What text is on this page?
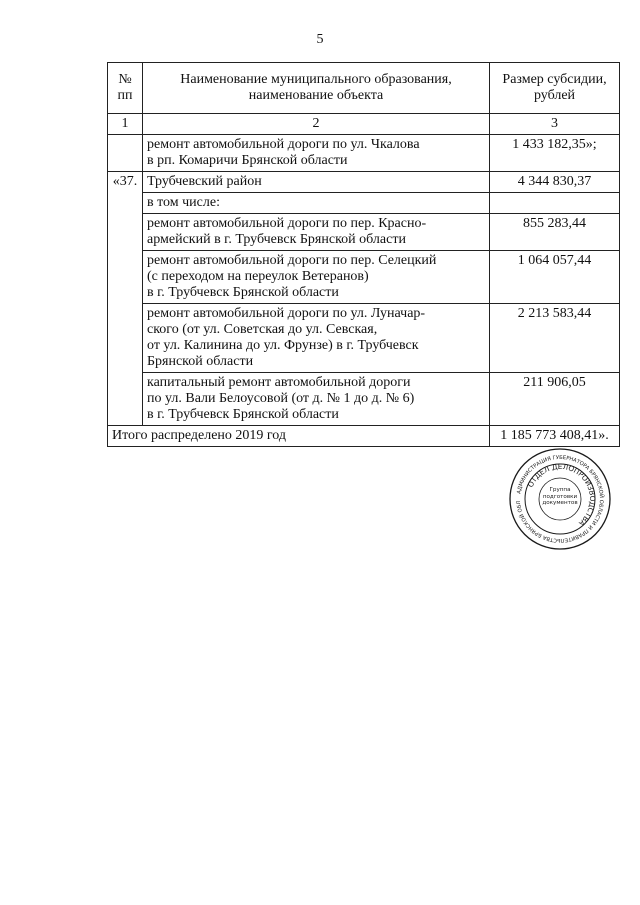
5
№
пп	Наименование муниципального образования,
наименование объекта	Размер субсидии,
рублей
1	2	3
	ремонт автомобильной дороги по ул. Чкалова
в рп. Комаричи Брянской области	1 433 182,35»;
«37.	Трубчевский район	4 344 830,37
	в том числе:	
	ремонт автомобильной дороги по пер. Красно-
армейский в г. Трубчевск Брянской области	855 283,44
	ремонт автомобильной дороги по пер. Селецкий
(с переходом на переулок Ветеранов)
в г. Трубчевск Брянской области	1 064 057,44
	ремонт автомобильной дороги по ул. Луначар-
ского (от ул. Советская до ул. Севская,
от ул. Калинина до ул. Фрунзе) в г. Трубчевск
Брянской области	2 213 583,44
	капитальный ремонт автомобильной дороги
по ул. Вали Белоусовой (от д. № 1 до д. № 6)
в г. Трубчевск Брянской области	211 906,05
Итого распределено 2019 год		1 185 773 408,41».
АДМИНИСТРАЦИЯ ГУБЕРНАТОРА БРЯНСКОЙ ОБЛАСТИ И ПРАВИТЕЛЬСТВА БРЯНСКОЙ ОБЛ
ОТДЕЛ ДЕЛОПРОИЗВОДСТВА
Группа подготовки документов
